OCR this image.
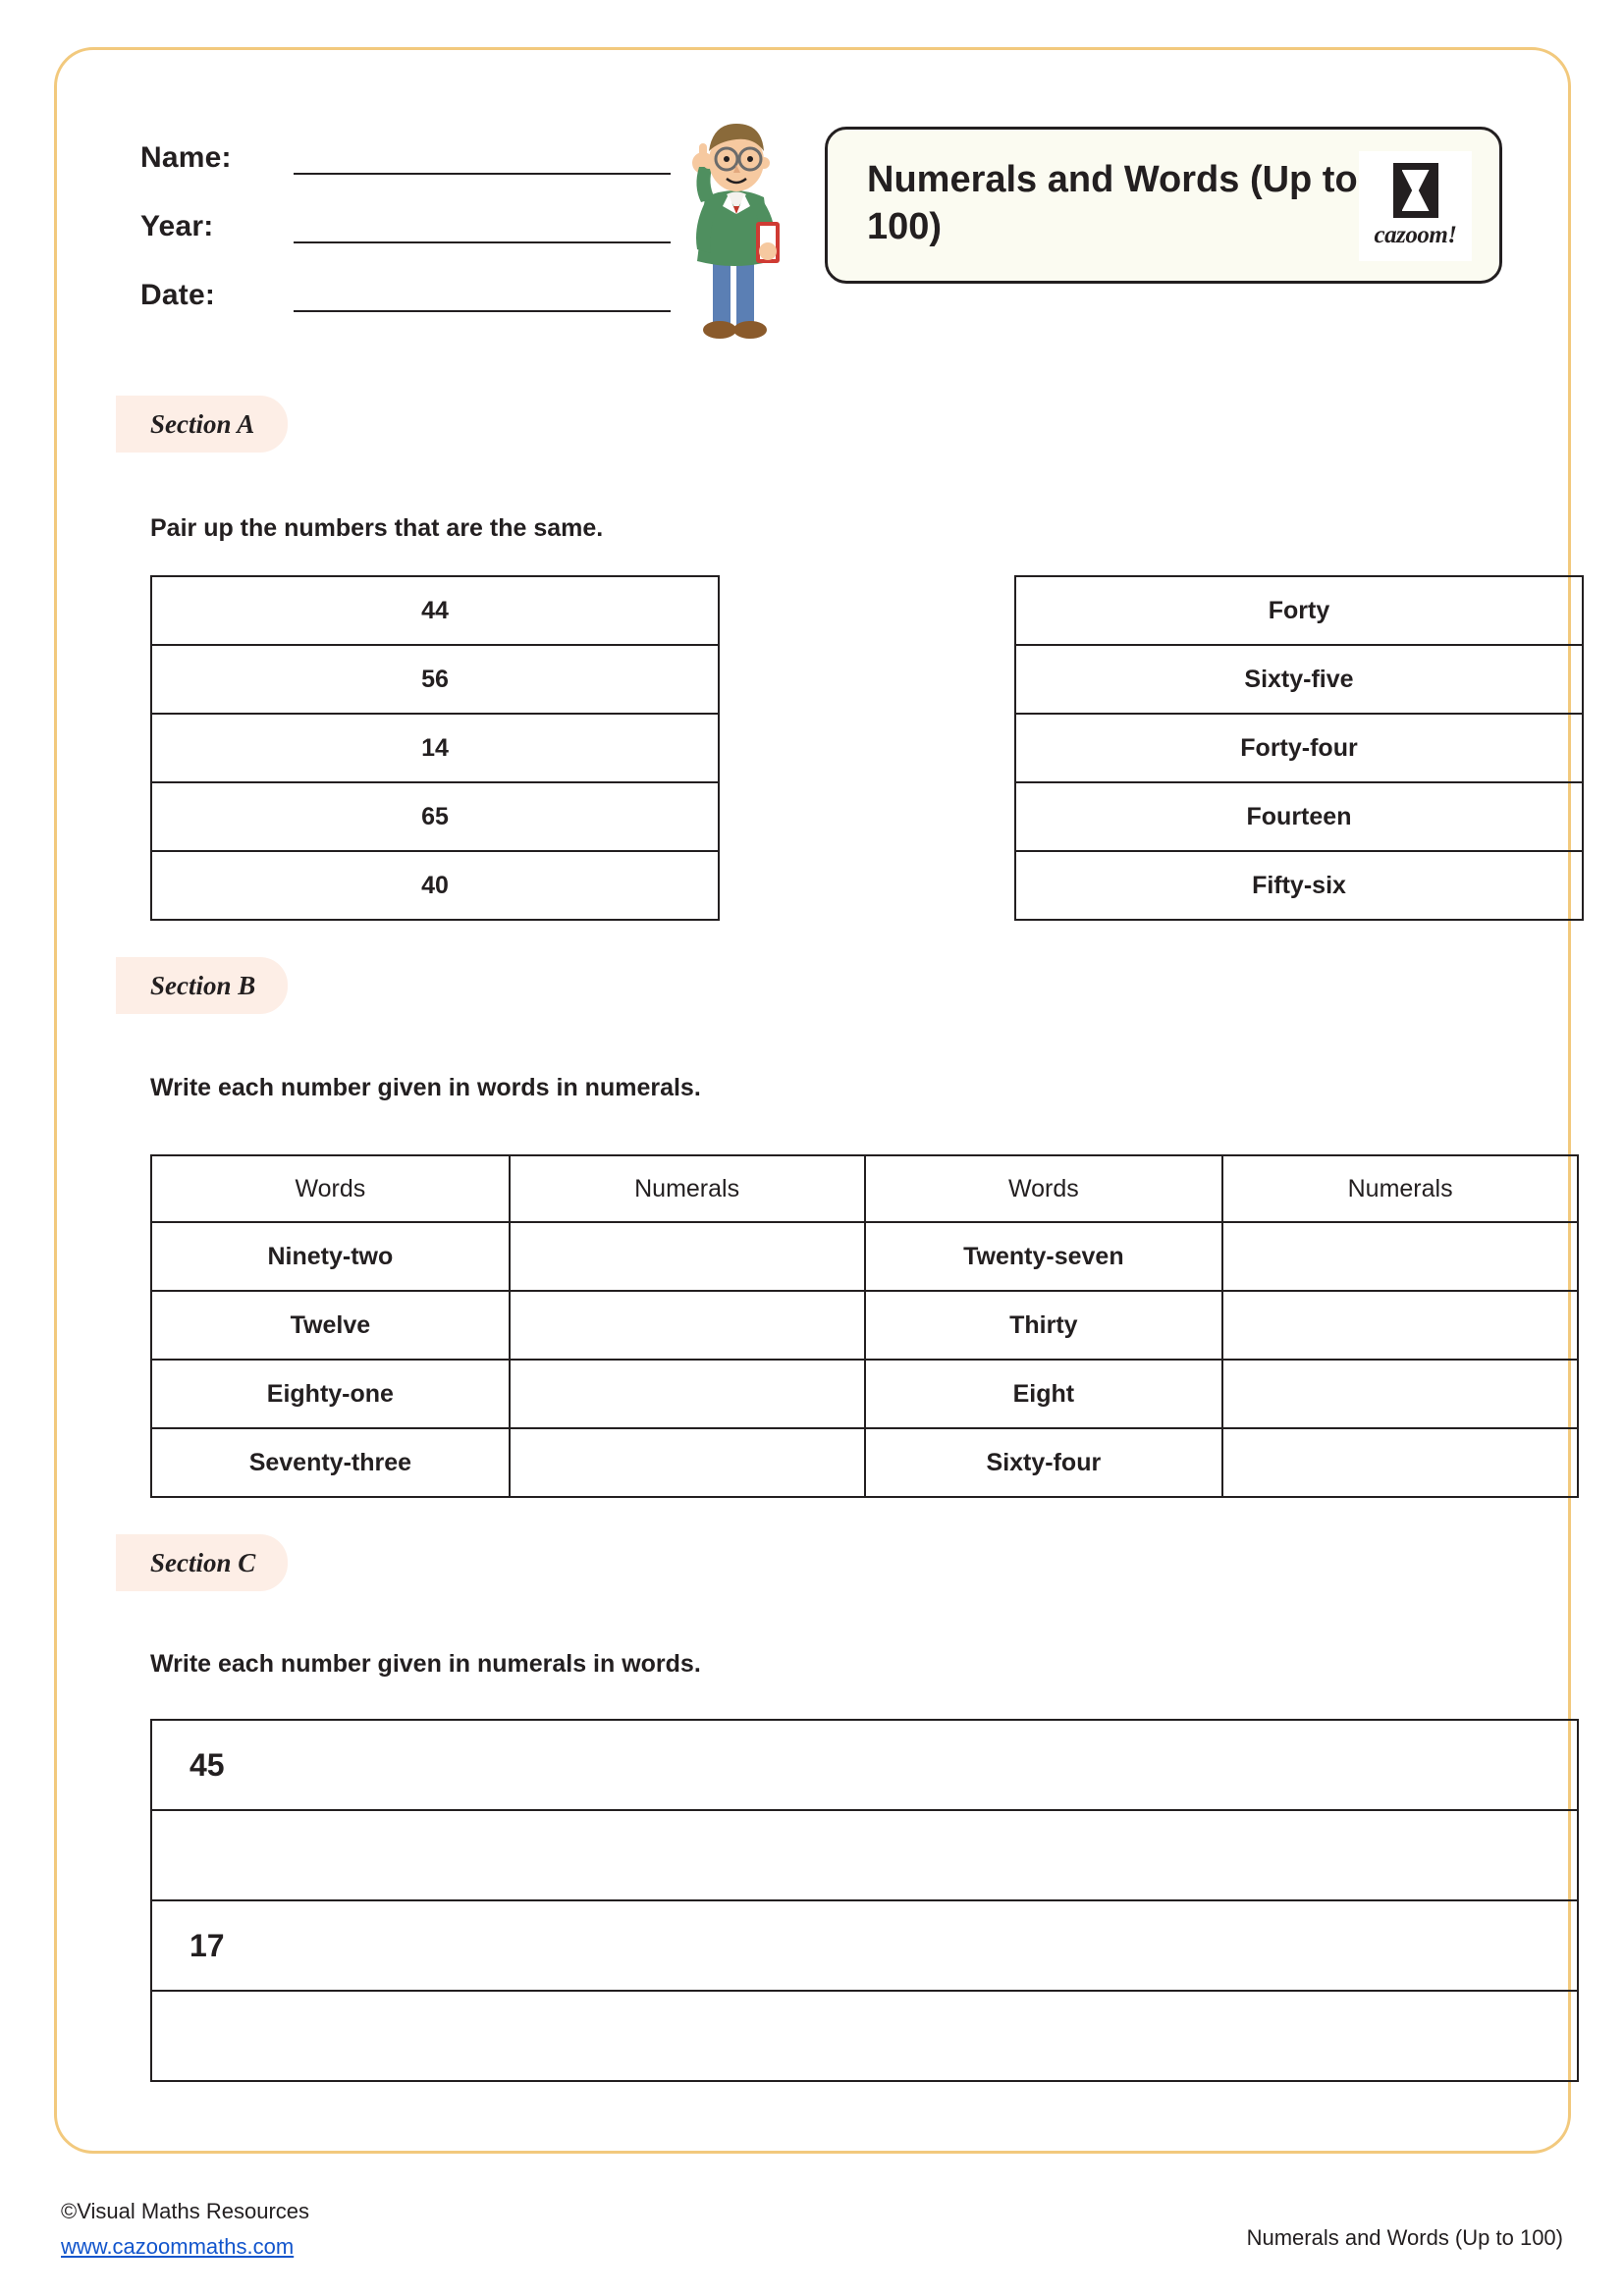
Name:
Year:
Date:
Numerals and Words (Up to 100)	cazoom!
Section A
Pair up the numbers that are the same.
44
56
14
65
40
Forty
Sixty-five
Forty-four
Fourteen
Fifty-six
Section B
Write each number given in words in numerals.
Words	Numerals	Words	Numerals
Ninety-two		Twenty-seven	
Twelve		Thirty	
Eighty-one		Eight	
Seventy-three		Sixty-four	
Section C
Write each number given in numerals in words.
45

17

©Visual Maths Resources
www.cazoommaths.com	Numerals and Words (Up to 100)
